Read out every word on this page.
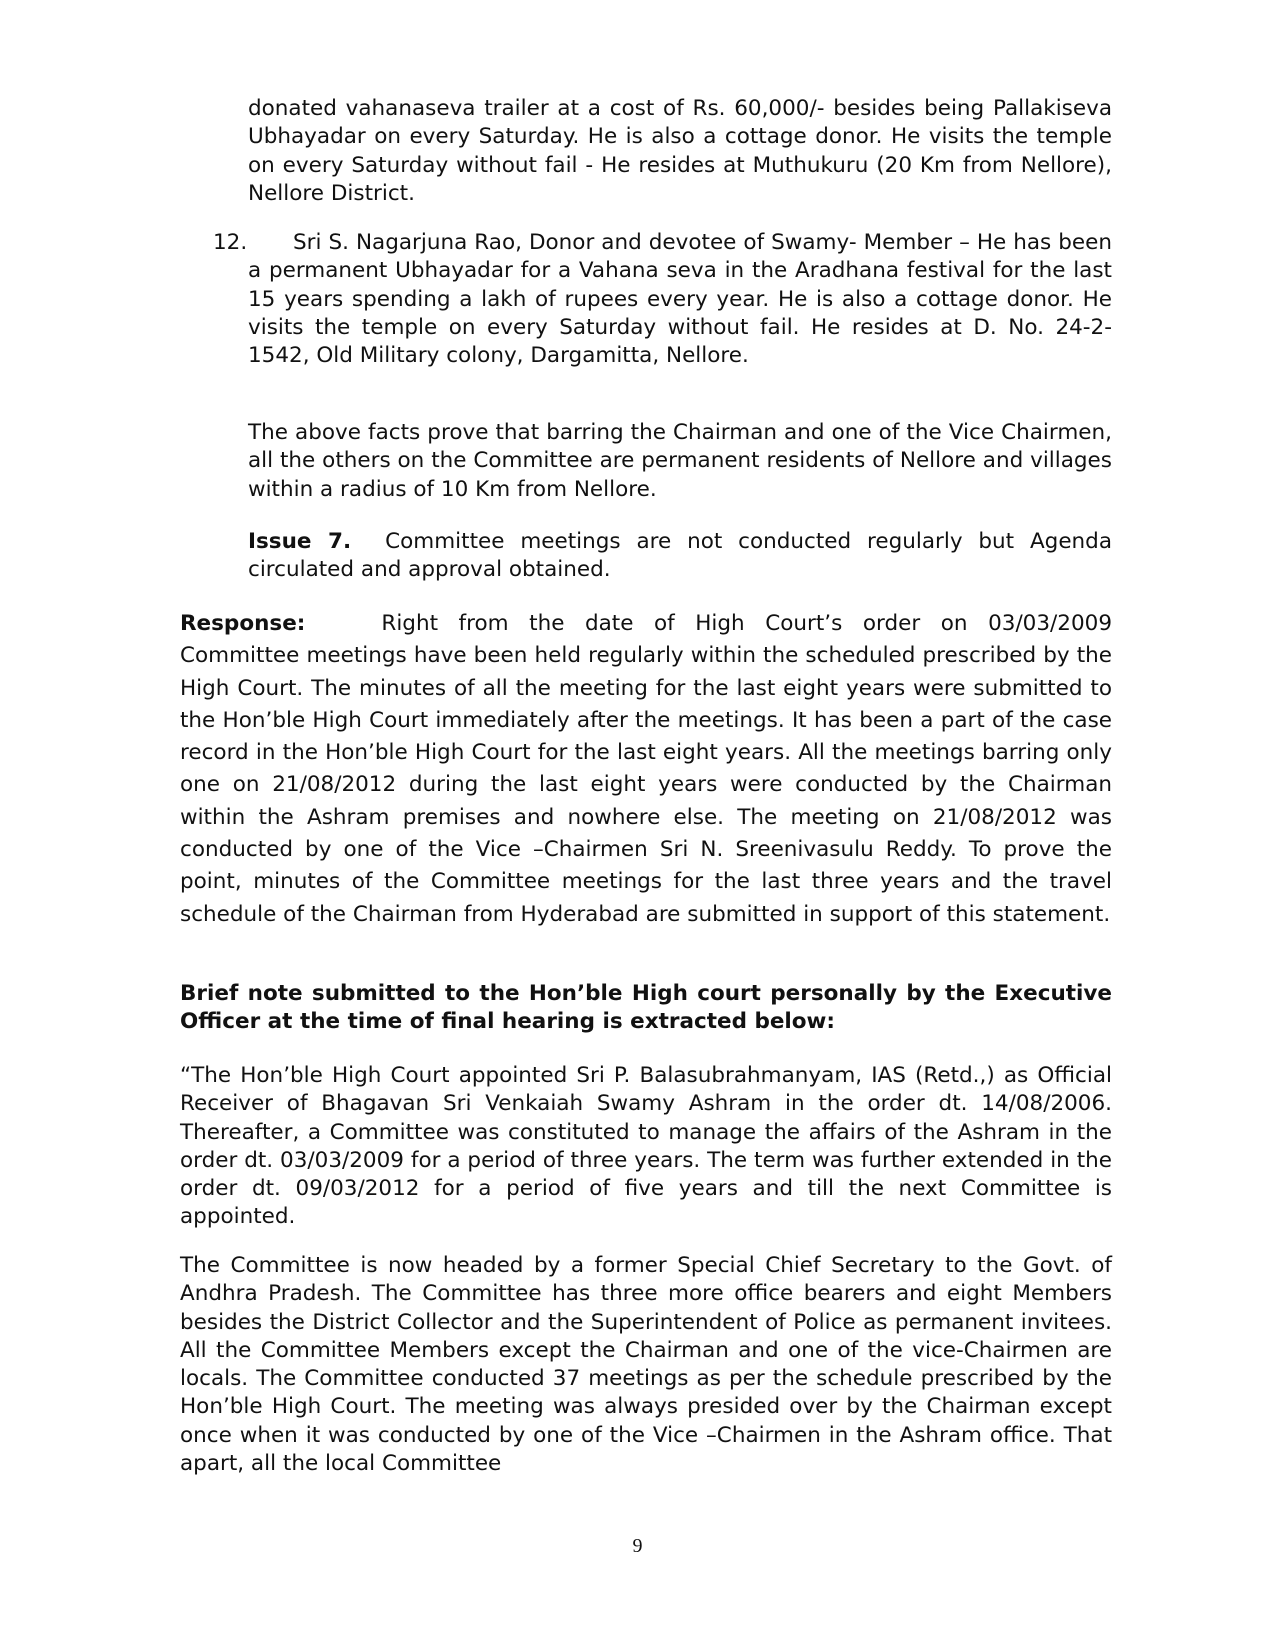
donated vahanaseva trailer at a cost of Rs. 60,000/- besides being Pallakiseva Ubhayadar on every Saturday. He is also a cottage donor. He visits the temple on every Saturday without fail - He resides at Muthukuru (20 Km from Nellore), Nellore District.

12.	Sri S. Nagarjuna Rao, Donor and devotee of Swamy- Member – He has been a permanent Ubhayadar for a Vahana seva in the Aradhana festival for the last 15 years spending a lakh of rupees every year. He is also a cottage donor. He visits the temple on every Saturday without fail. He resides at D. No. 24-2-1542, Old Military colony, Dargamitta, Nellore.

The above facts prove that barring the Chairman and one of the Vice Chairmen, all the others on the Committee are permanent residents of Nellore and villages within a radius of 10 Km from Nellore.

Issue 7. Committee meetings are not conducted regularly but Agenda circulated and approval obtained.

Response:	Right from the date of High Court’s order on 03/03/2009 Committee meetings have been held regularly within the scheduled prescribed by the High Court. The minutes of all the meeting for the last eight years were submitted to the Hon’ble High Court immediately after the meetings. It has been a part of the case record in the Hon’ble High Court for the last eight years. All the meetings barring only one on 21/08/2012 during the last eight years were conducted by the Chairman within the Ashram premises and nowhere else. The meeting on 21/08/2012 was conducted by one of the Vice –Chairmen Sri N. Sreenivasulu Reddy. To prove the point, minutes of the Committee meetings for the last three years and the travel schedule of the Chairman from Hyderabad are submitted in support of this statement.

Brief note submitted to the Hon’ble High court personally by the Executive Officer at the time of final hearing is extracted below:

“The Hon’ble High Court appointed Sri P. Balasubrahmanyam, IAS (Retd.,) as Official Receiver of Bhagavan Sri Venkaiah Swamy Ashram in the order dt. 14/08/2006. Thereafter, a Committee was constituted to manage the affairs of the Ashram in the order dt. 03/03/2009 for a period of three years. The term was further extended in the order dt. 09/03/2012 for a period of five years and till the next Committee is appointed.

The Committee is now headed by a former Special Chief Secretary to the Govt. of Andhra Pradesh. The Committee has three more office bearers and eight Members besides the District Collector and the Superintendent of Police as permanent invitees. All the Committee Members except the Chairman and one of the vice-Chairmen are locals. The Committee conducted 37 meetings as per the schedule prescribed by the Hon’ble High Court. The meeting was always presided over by the Chairman except once when it was conducted by one of the Vice –Chairmen in the Ashram office. That apart, all the local Committee

9
